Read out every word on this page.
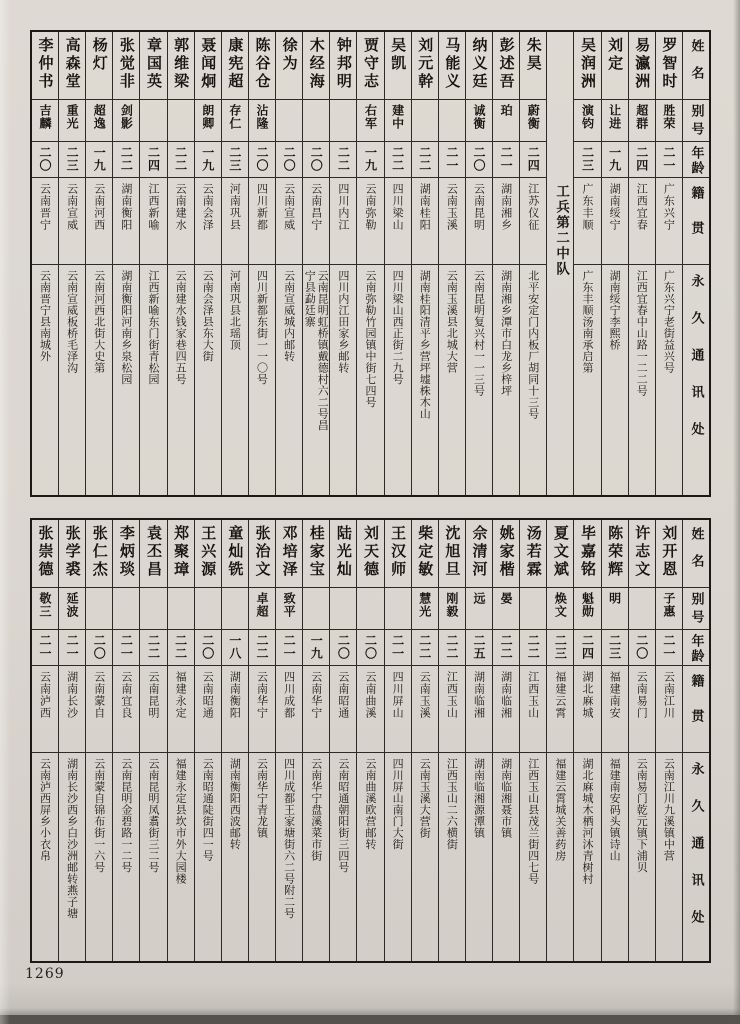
姓名
别号
年龄
籍贯
永久通讯处
罗智时
胜荣
二一
广东兴宁
广东兴宁老街益兴号
易瀛洲
超群
二四
江西宜春
江西宜春中山路一二二号
刘定
让进
一九
湖南绥宁
湖南绥宁李熙桥
吴润洲
演钧
二三
广东丰顺
广东丰顺汤南承启第
工兵第二中队
朱昊
蔚衡
二四
江苏仪征
北平安定门内板厂胡同十三号
彭述吾
珀
二一
湖南湘乡
湖南湘乡潭市白龙乡梓坪
纳义廷
诚衡
二〇
云南昆明
云南昆明复兴村一一三号
马能义
二一
云南玉溪
云南玉溪县北城大营
刘元幹
二二
湖南桂阳
湖南桂阳清平乡营坪墟株木山
吴凯
建中
二二
四川梁山
四川梁山西正街二九号
贾守志
右军
一九
云南弥勒
云南弥勒竹园镇中街七四号
钟邦明
二二
四川内江
四川内江田家乡邮转
木经海
二〇
云南昌宁
云南昆明虹桥镇戴德村六二号昌宁县勐廷寨
徐为
二〇
云南宣威
云南宣威城内邮转
陈谷仓
沾隆
二〇
四川新都
四川新都东街一一〇号
康宪超
存仁
二三
河南巩县
河南巩县北瑶顶
聂闻炯
朗卿
一九
云南会泽
云南会泽县东大街
郭维梁
二二
云南建水
云南建水钱家巷四五号
章国英
二四
江西新喻
江西新喻东门街青松园
张觉非
剑影
二二
湖南衡阳
湖南衡阳河南乡泉松园
杨灯
超逸
一九
云南河西
云南河西北街大史第
高森堂
重光
二三
云南宣威
云南宣威板桥毛泽沟
李仲书
吉麟
二〇
云南晋宁
云南晋宁县南城外
姓名
别号
年龄
籍贯
永久通讯处
刘开恩
子惠
二一
云南江川
云南江川九溪镇中营
许志文
二〇
云南易门
云南易门乾元镇下浦贝
陈荣辉
明
二三
福建南安
福建南安码头镇诗山
毕嘉铭
魁勋
二四
湖北麻城
湖北麻城木栖河沐青树村
夏文斌
焕文
二三
福建云霄
福建云霄城关善药房
汤若霖
二二
江西玉山
江西玉山县茂兰街四七号
姚家楷
晏
二二
湖南临湘
湖南临湘聂市镇
佘清河
远
二五
湖南临湘
湖南临湘源潭镇
沈旭旦
刚毅
二二
江西玉山
江西玉山二六横街
柴定敏
慧光
二二
云南玉溪
云南玉溪大营街
王汉师
二一
四川屏山
四川屏山南门大街
刘天德
二〇
云南曲溪
云南曲溪欧营邮转
陆光灿
二〇
云南昭通
云南昭通朝阳街三四号
桂家宝
一九
云南华宁
云南华宁盘溪菜市街
邓培泽
致平
二一
四川成都
四川成都王家塘街六二号附二号
张治文
卓超
二二
云南华宁
云南华宁青龙镇
童灿铣
一八
湖南衡阳
湖南衡阳西波邮转
王兴源
二〇
云南昭通
云南昭通陡街四一号
郑聚璋
二二
福建永定
福建永定县坎市外大园楼
袁丕昌
二二
云南昆明
云南昆明凤翥街三二号
李炳琰
二一
云南宜良
云南昆明金碧路一二号
张仁杰
二〇
云南蒙自
云南蒙自锦布街一六号
张学裘
延波
二一
湖南长沙
湖南长沙西乡白沙洲邮转燕子塘
张崇德
敬三
二一
云南泸西
云南泸西屏乡小衣帛
1269
